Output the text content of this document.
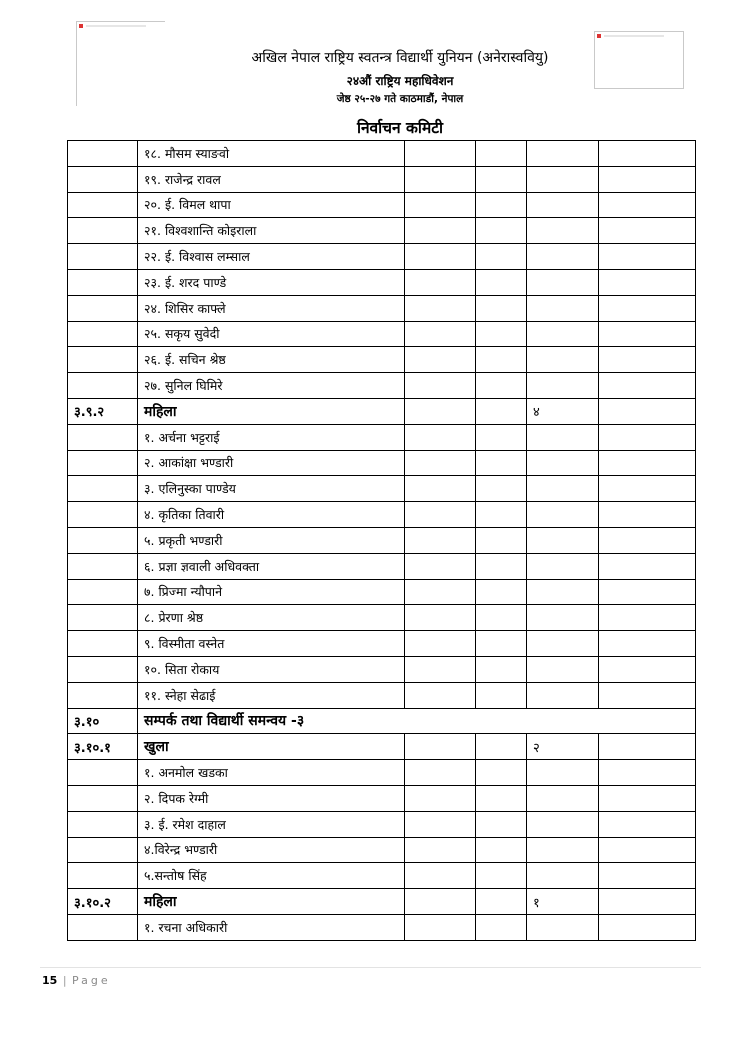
अखिल नेपाल राष्ट्रिय स्वतन्त्र विद्यार्थी युनियन (अनेरास्ववियु)
२४औं राष्ट्रिय महाधिवेशन
जेष्ठ २५-२७ गते काठमाडौं, नेपाल
निर्वाचन कमिटी
	१८. मौसम स्याङवो				
	१९. राजेन्द्र रावल				
	२०. ई. विमल थापा				
	२१. विश्वशान्ति कोइराला				
	२२. ई. विश्वास लम्साल				
	२३. ई. शरद पाण्डे				
	२४. शिसिर काफ्ले				
	२५. सकृय सुवेदी				
	२६. ई. सचिन श्रेष्ठ				
	२७. सुनिल घिमिरे				
३.९.२	महिला			४	
	१. अर्चना भट्टराई				
	२. आकांक्षा भण्डारी				
	३. एलिनुस्का पाण्डेय				
	४. कृतिका तिवारी				
	५. प्रकृती भण्डारी				
	६. प्रज्ञा ज्ञवाली अधिवक्ता				
	७. प्रिज्मा न्यौपाने				
	८. प्रेरणा श्रेष्ठ				
	९. विस्मीता वस्नेत				
	१०. सिता रोकाय				
	११. स्नेहा सेढाई				
३.१०	सम्पर्क तथा विद्यार्थी समन्वय -३				
३.१०.१	खुला			२	
	१. अनमोल खडका				
	२. दिपक रेग्मी				
	३. ई. रमेश दाहाल				
	४.विरेन्द्र भण्डारी				
	५.सन्तोष सिंह				
३.१०.२	महिला			१	
	१. रचना अधिकारी				
15 | Page
